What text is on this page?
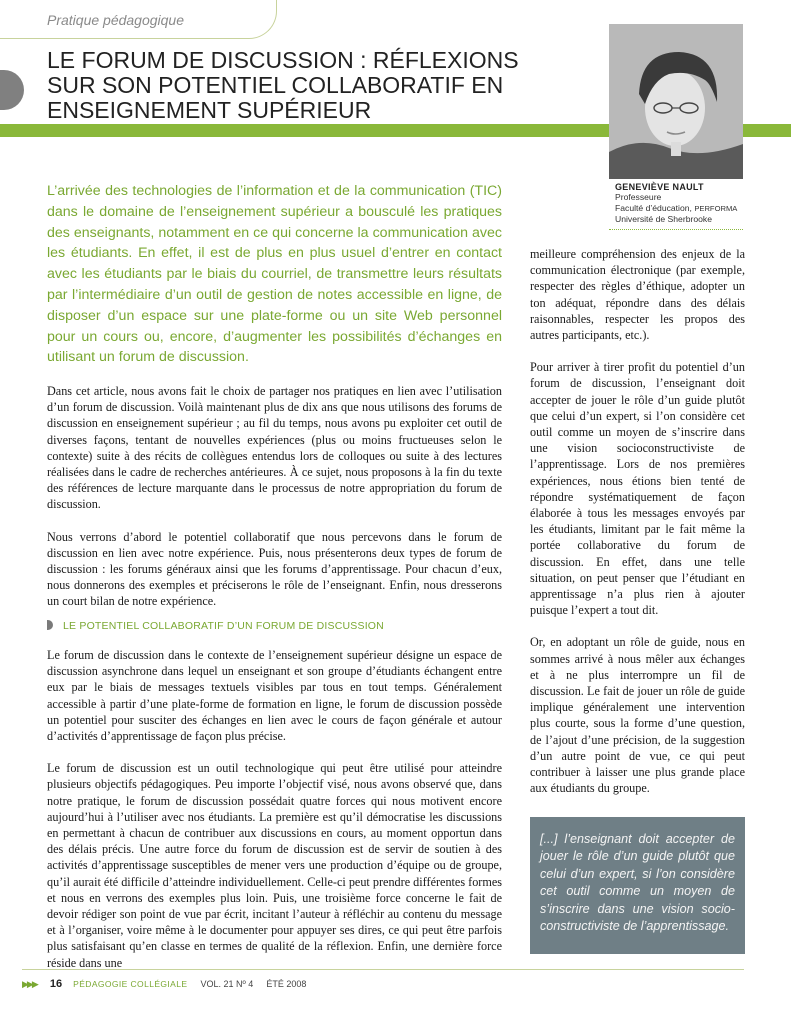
Pratique pédagogique
LE FORUM DE DISCUSSION : RÉFLEXIONS SUR SON POTENTIEL COLLABORATIF EN ENSEIGNEMENT SUPÉRIEUR
GENEVIÈVE NAULT
Professeure
Faculté d’éducation, PERFORMA
Université de Sherbrooke

L’arrivée des technologies de l’information et de la communication (TIC) dans le domaine de l’enseignement supérieur a bousculé les pratiques des enseignants, notamment en ce qui concerne la communication avec les étudiants. En effet, il est de plus en plus usuel d’entrer en contact avec les étudiants par le biais du courriel, de transmettre leurs résultats par l’intermédiaire d’un outil de gestion de notes accessible en ligne, de disposer d’un espace sur une plate-forme ou un site Web personnel pour un cours ou, encore, d’augmenter les possibilités d’échanges en utilisant un forum de discussion.

Dans cet article, nous avons fait le choix de partager nos pratiques en lien avec l’utilisation d’un forum de discussion. Voilà maintenant plus de dix ans que nous utilisons des forums de discussion en enseignement supérieur ; au fil du temps, nous avons pu exploiter cet outil de diverses façons, tentant de nouvelles expériences (plus ou moins fructueuses selon le contexte) suite à des récits de collègues entendus lors de colloques ou suite à des lectures réalisées dans le cadre de recherches antérieures. À ce sujet, nous proposons à la fin du texte des références de lecture marquante dans le processus de notre appropriation du forum de discussion.

Nous verrons d’abord le potentiel collaboratif que nous percevons dans le forum de discussion en lien avec notre expérience. Puis, nous présenterons deux types de forum de discussion : les forums généraux ainsi que les forums d’apprentissage. Pour chacun d’eux, nous donnerons des exemples et préciserons le rôle de l’enseignant. Enfin, nous dresserons un court bilan de notre expérience.

LE POTENTIEL COLLABORATIF D’UN FORUM DE DISCUSSION

Le forum de discussion dans le contexte de l’enseignement supérieur désigne un espace de discussion asynchrone dans lequel un enseignant et son groupe d’étudiants échangent entre eux par le biais de messages textuels visibles par tous en tout temps. Généralement accessible à partir d’une plate-forme de formation en ligne, le forum de discussion possède un potentiel pour susciter des échanges en lien avec le cours de façon générale et autour d’activités d’apprentissage de façon plus précise.

Le forum de discussion est un outil technologique qui peut être utilisé pour atteindre plusieurs objectifs pédagogiques. Peu importe l’objectif visé, nous avons observé que, dans notre pratique, le forum de discussion possédait quatre forces qui nous motivent encore aujourd’hui à l’utiliser avec nos étudiants. La première est qu’il démocratise les discussions en permettant à chacun de contribuer aux discussions en cours, au moment opportun dans des délais précis. Une autre force du forum de discussion est de servir de soutien à des activités d’apprentissage susceptibles de mener vers une production d’équipe ou de groupe, qu’il aurait été difficile d’atteindre individuellement. Celle-ci peut prendre différentes formes et nous en verrons des exemples plus loin. Puis, une troisième force concerne le fait de devoir rédiger son point de vue par écrit, incitant l’auteur à réfléchir au contenu du message et à l’organiser, voire même à le documenter pour appuyer ses dires, ce qui peut être parfois plus satisfaisant qu’en classe en termes de qualité de la réflexion. Enfin, une dernière force réside dans une

meilleure compréhension des enjeux de la communication électronique (par exemple, respecter des règles d’éthique, adopter un ton adéquat, répondre dans des délais raisonnables, respecter les propos des autres participants, etc.).

Pour arriver à tirer profit du potentiel d’un forum de discussion, l’enseignant doit accepter de jouer le rôle d’un guide plutôt que celui d’un expert, si l’on considère cet outil comme un moyen de s’inscrire dans une vision socioconstructiviste de l’apprentissage. Lors de nos premières expériences, nous étions bien tenté de répondre systématiquement de façon élaborée à tous les messages envoyés par les étudiants, limitant par le fait même la portée collaborative du forum de discussion. En effet, dans une telle situation, on peut penser que l’étudiant en apprentissage n’a plus rien à ajouter puisque l’expert a tout dit.

Or, en adoptant un rôle de guide, nous en sommes arrivé à nous mêler aux échanges et à ne plus interrompre un fil de discussion. Le fait de jouer un rôle de guide implique généralement une intervention plus courte, sous la forme d’une question, de l’ajout d’une précision, de la suggestion d’un autre point de vue, ce qui peut contribuer à laisser une plus grande place aux étudiants du groupe.

[...] l’enseignant doit accepter de jouer le rôle d’un guide plutôt que celui d’un expert, si l’on considère cet outil comme un moyen de s’inscrire dans une vision socio-constructiviste de l’apprentissage.

▶▶▶ 16 PÉDAGOGIE COLLÉGIALE VOL. 21 Nº 4 ÉTÉ 2008
